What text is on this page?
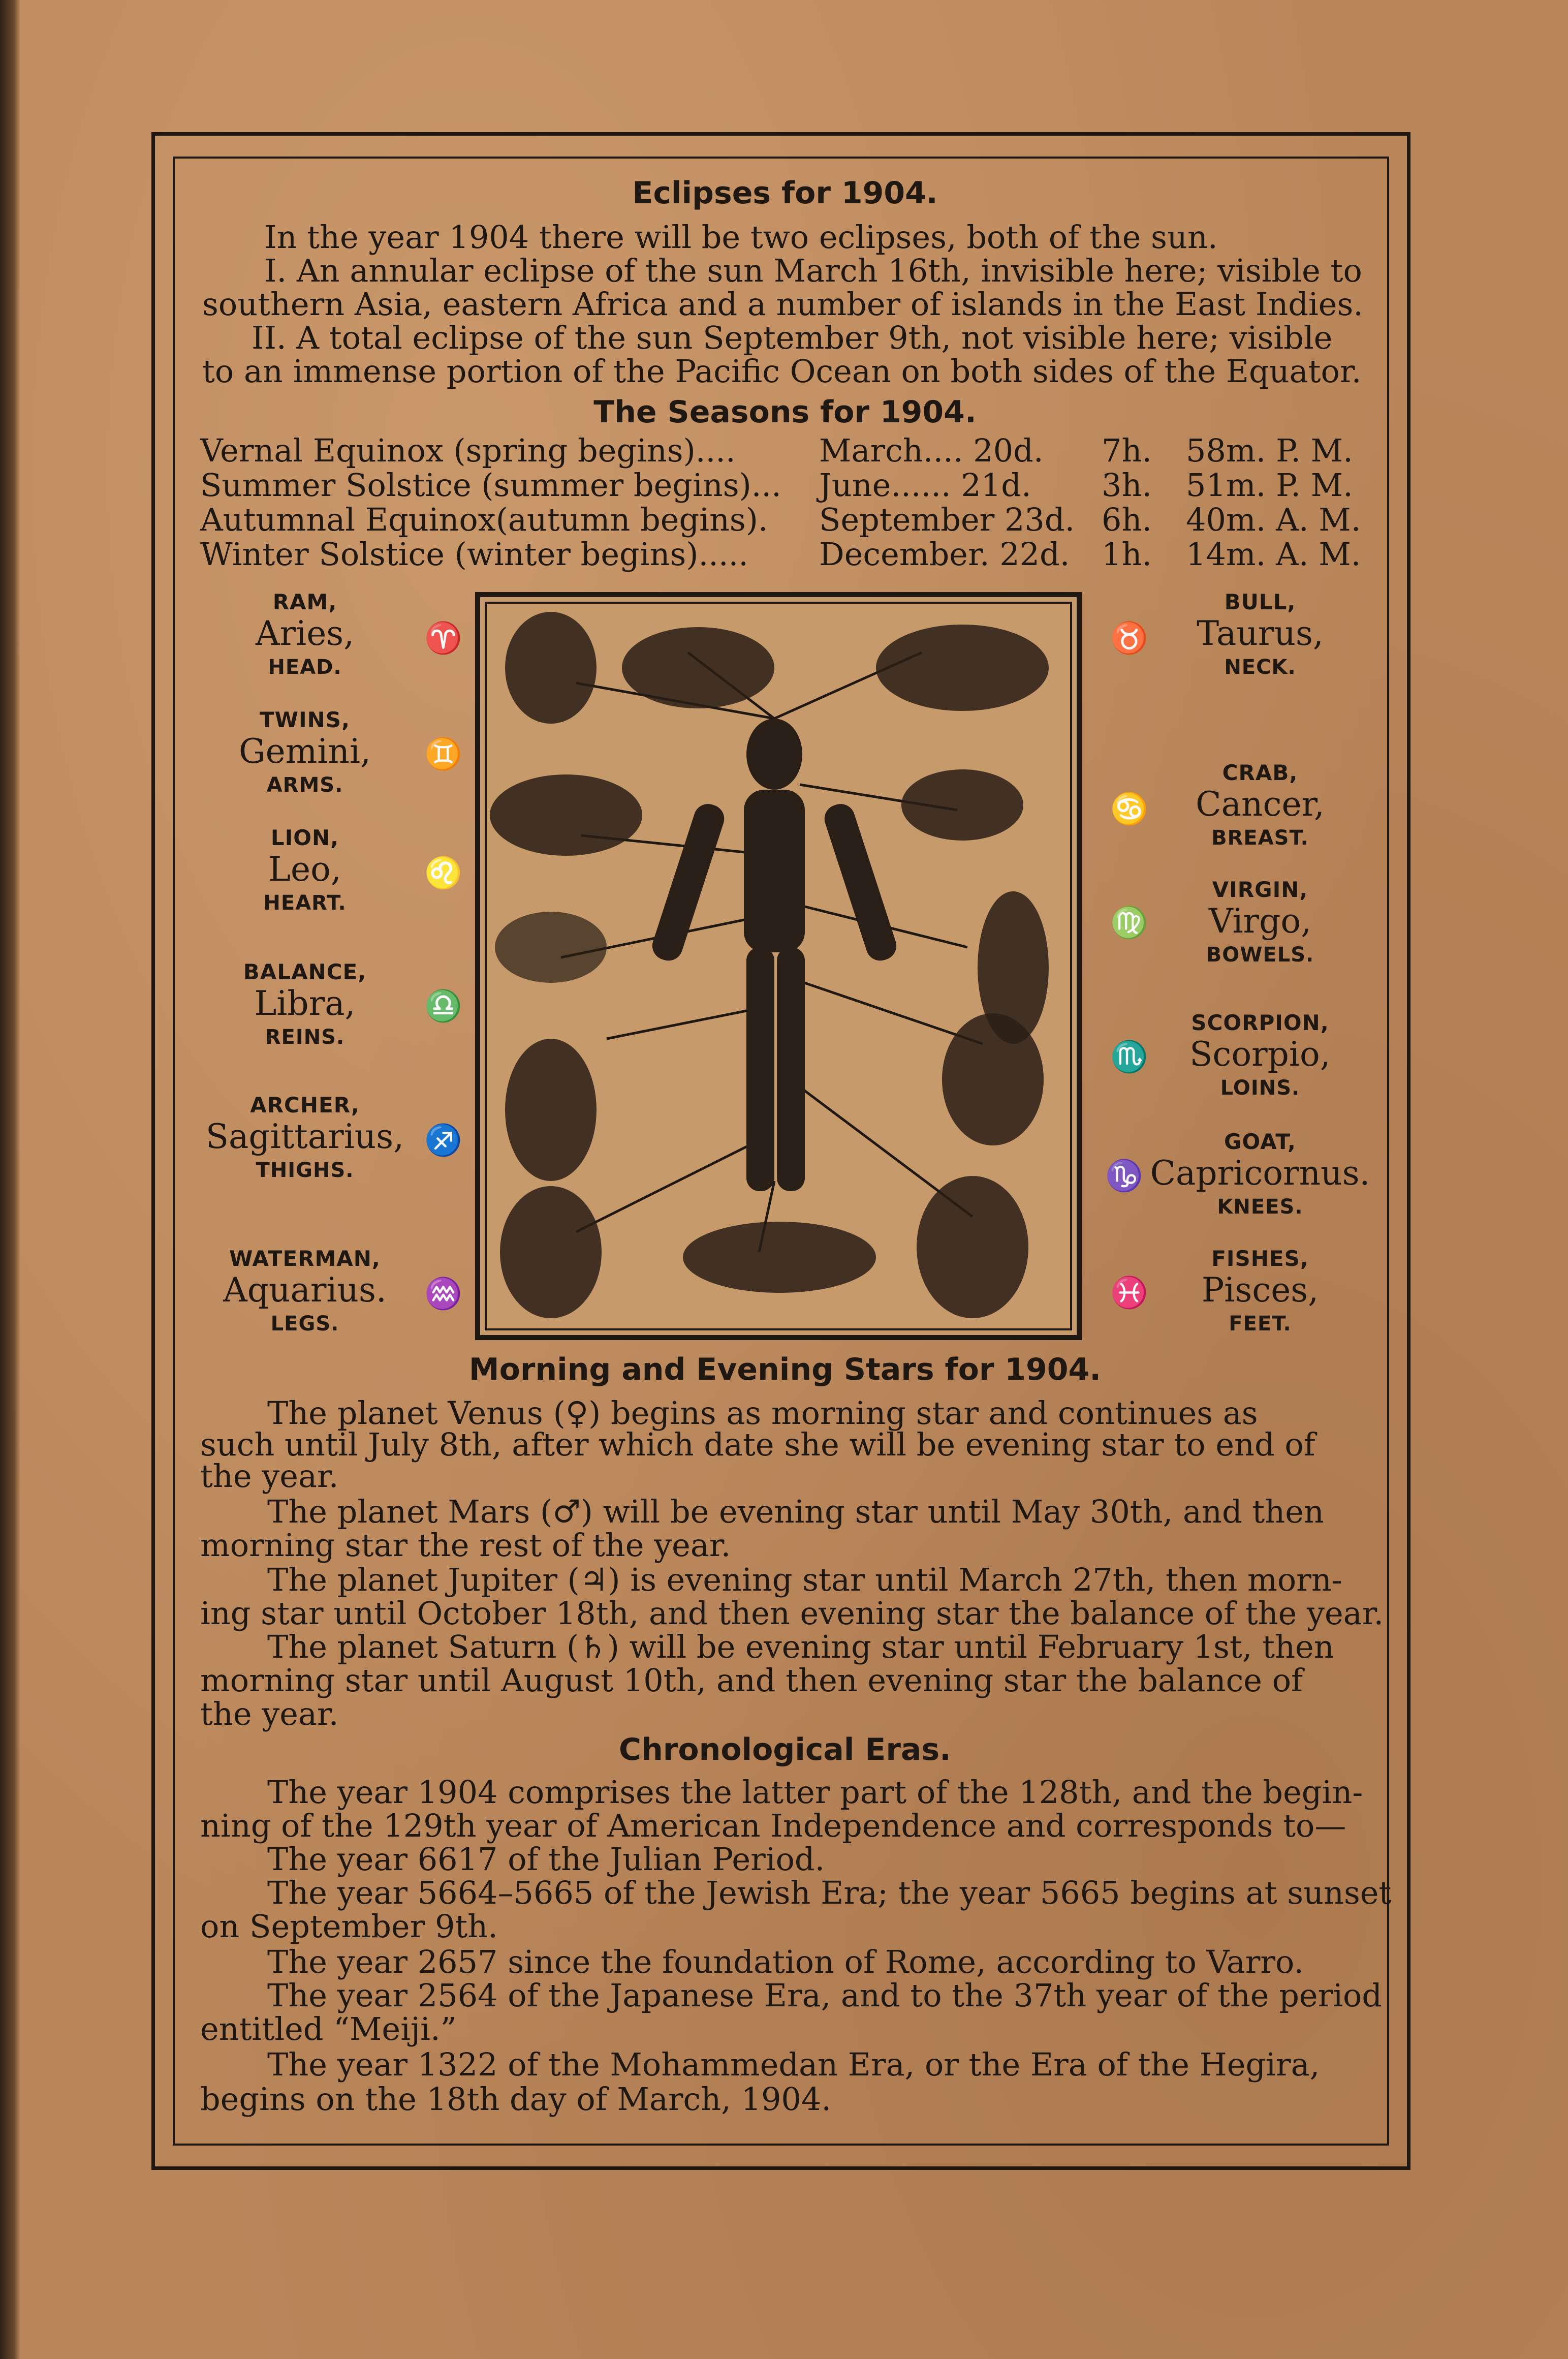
Eclipses for 1904.
In the year 1904 there will be two eclipses, both of the sun.
I. An annular eclipse of the sun March 16th, invisible here; visible to
southern Asia, eastern Africa and a number of islands in the East Indies.
II. A total eclipse of the sun September 9th, not visible here; visible
to an immense portion of the Pacific Ocean on both sides of the Equator.
The Seasons for 1904.
Vernal Equinox (spring begins)....	March.... 20d. 7h. 58m. P. M.
Summer Solstice (summer begins)... June...... 21d. 3h. 51m. P. M.
Autumnal Equinox(autumn begins). September 23d. 6h. 40m. A. M.
Winter Solstice (winter begins)..... December. 22d. 1h. 14m. A. M.
RAM,
Aries,
HEAD.
♈
TWINS,
Gemini,
ARMS.
♊
LION,
Leo,
HEART.
♌
BALANCE,
Libra,
REINS.
♎
ARCHER,
Sagittarius,
THIGHS.
♐
WATERMAN,
Aquarius.
LEGS.
♒
♉
BULL,
Taurus,
NECK.
♋
CRAB,
Cancer,
BREAST.
♍
VIRGIN,
Virgo,
BOWELS.
♏
SCORPION,
Scorpio,
LOINS.
♑
GOAT,
Capricornus.
KNEES.
♓
FISHES,
Pisces,
FEET.
Morning and Evening Stars for 1904.
The planet Venus (♀) begins as morning star and continues as
such until July 8th, after which date she will be evening star to end of
the year.
The planet Mars (♂) will be evening star until May 30th, and then
morning star the rest of the year.
The planet Jupiter (♃) is evening star until March 27th, then morn-
ing star until October 18th, and then evening star the balance of the year.
The planet Saturn (♄) will be evening star until February 1st, then
morning star until August 10th, and then evening star the balance of
the year.
Chronological Eras.
The year 1904 comprises the latter part of the 128th, and the begin-
ning of the 129th year of American Independence and corresponds to—
The year 6617 of the Julian Period.
The year 5664–5665 of the Jewish Era; the year 5665 begins at sunset
on September 9th.
The year 2657 since the foundation of Rome, according to Varro.
The year 2564 of the Japanese Era, and to the 37th year of the period
entitled “Meiji.”
The year 1322 of the Mohammedan Era, or the Era of the Hegira,
begins on the 18th day of March, 1904.
